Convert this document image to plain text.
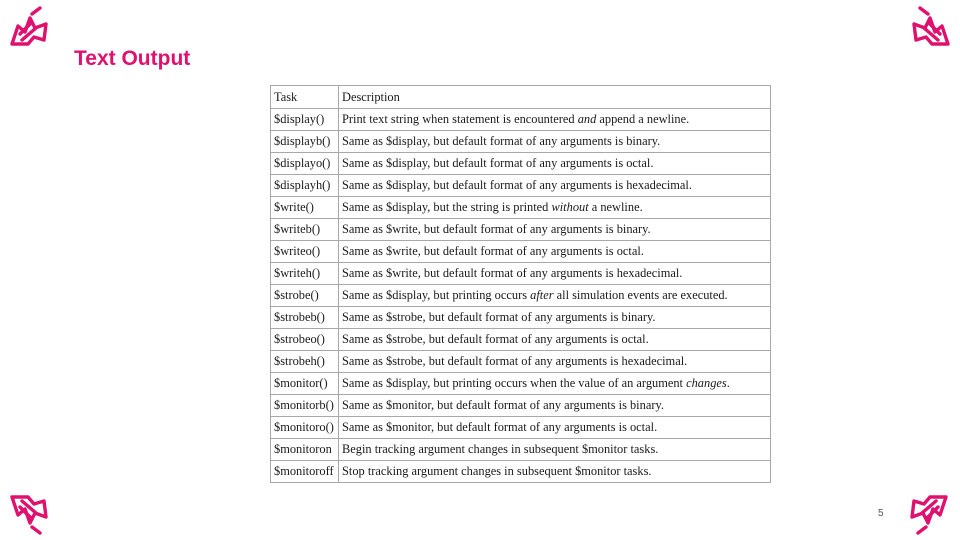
Text Output
Task	Description
$display()	Print text string when statement is encountered and append a newline.
$displayb()	Same as $display, but default format of any arguments is binary.
$displayo()	Same as $display, but default format of any arguments is octal.
$displayh()	Same as $display, but default format of any arguments is hexadecimal.
$write()	Same as $display, but the string is printed without a newline.
$writeb()	Same as $write, but default format of any arguments is binary.
$writeo()	Same as $write, but default format of any arguments is octal.
$writeh()	Same as $write, but default format of any arguments is hexadecimal.
$strobe()	Same as $display, but printing occurs after all simulation events are executed.
$strobeb()	Same as $strobe, but default format of any arguments is binary.
$strobeo()	Same as $strobe, but default format of any arguments is octal.
$strobeh()	Same as $strobe, but default format of any arguments is hexadecimal.
$monitor()	Same as $display, but printing occurs when the value of an argument changes.
$monitorb()	Same as $monitor, but default format of any arguments is binary.
$monitoro()	Same as $monitor, but default format of any arguments is octal.
$monitoron	Begin tracking argument changes in subsequent $monitor tasks.
$monitoroff	Stop tracking argument changes in subsequent $monitor tasks.
5
